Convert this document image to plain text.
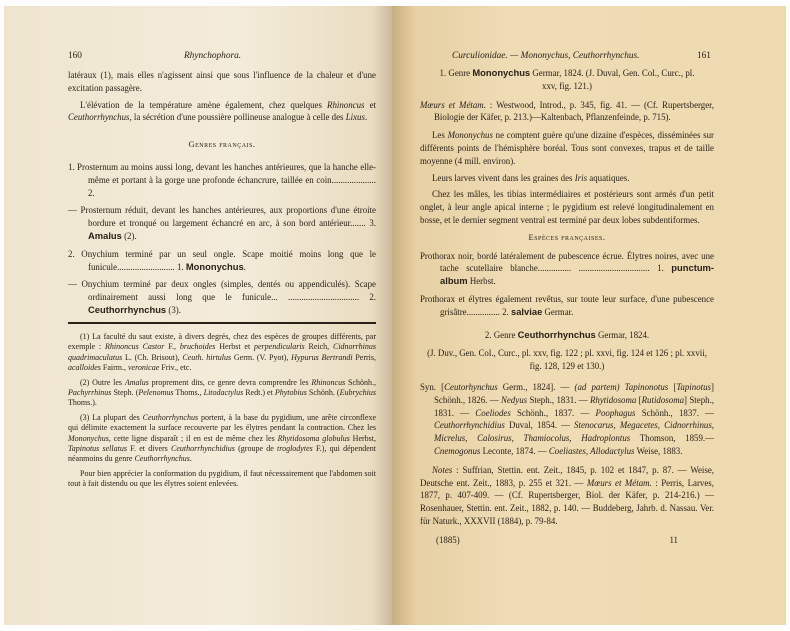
160	Rhynchophora.

latéraux (1), mais elles n'agissent ainsi que sous l'influence de la chaleur et d'une excitation passagère.

L'élévation de la température amène également, chez quelques Rhinoncus et Ceuthorrhynchus, la sécrétion d'une poussière pollineuse analogue à celle des Lixus.

Genres français.

1. Prosternum au moins aussi long, devant les hanches antérieures, que la hanche elle-même et portant à la gorge une profonde échancrure, taillée en coin.................... 2.

— Prosternum réduit, devant les hanches antérieures, aux proportions d'une étroite bordure et tronqué ou largement échancré en arc, à son bord antérieur....... 3. Amalus (2).

2. Onychium terminé par un seul ongle. Scape moitié moins long que le funicule.......................... 1. Mononychus.

— Onychium terminé par deux ongles (simples, dentés ou appendiculés). Scape ordinairement aussi long que le funicule... ................................ 2. Ceuthorrhynchus (3).

(1) La faculté du saut existe, à divers degrés, chez des espèces de groupes différents, par exemple : Rhinoncus Castor F., bruchoides Herbst et perpendicularis Reich, Cidnorrhinus quadrimaculatus L. (Ch. Brisout), Ceuth. hirtulus Germ. (V. Pyot), Hypurus Bertrandi Perris, acalloides Fairm., veronicae Friv., etc.

(2) Outre les Amalus proprement dits, ce genre devra comprendre les Rhinoncus Schönh., Pachyrrhinus Steph. (Pelenomus Thoms., Litodactylus Redt.) et Phytobius Schönh. (Eubrychius Thoms.).

(3) La plupart des Ceuthorrhynchus portent, à la base du pygidium, une arête circonflexe qui délimite exactement la surface recouverte par les élytres pendant la contraction. Chez les Mononychus, cette ligne disparaît ; il en est de même chez les Rhytidosoma globulus Herbst, Tapinotus sellatus F. et divers Ceuthorrhynchidius (groupe de troglodytes F.), qui dépendent néanmoins du genre Ceuthorrhynchus.

Pour bien apprécier la conformation du pygidium, il faut nécessairement que l'abdomen soit tout à fait distendu ou que les élytres soient enlevées.

Curculionidae. — Mononychus, Ceuthorrhynchus.	161

1. Genre Mononychus Germar, 1824. (J. Duval, Gen. Col., Curc., pl. xxv, fig. 121.)

Mœurs et Métam. : Westwood, Introd., p. 345, fig. 41. — (Cf. Rupertsberger, Biologie der Käfer, p. 213.)—Kaltenbach, Pflanzenfeinde, p. 715).

Les Mononychus ne comptent guère qu'une dizaine d'espèces, disséminées sur différents points de l'hémisphère boréal. Tous sont convexes, trapus et de taille moyenne (4 mill. environ).

Leurs larves vivent dans les graines des Iris aquatiques.

Chez les mâles, les tibias intermédiaires et postérieurs sont armés d'un petit onglet, à leur angle apical interne ; le pygidium est relevé longitudinalement en bosse, et le dernier segment ventral est terminé par deux lobes subdentiformes.

Espèces françaises.

Prothorax noir, bordé latéralement de pubescence écrue. Élytres noires, avec une tache scutellaire blanche............... ................................ 1. punctum-album Herbst.

Prothorax et élytres également revêtus, sur toute leur surface, d'une pubescence grisâtre............... 2. salviae Germar.

2. Genre Ceuthorrhynchus Germar, 1824.

(J. Duv., Gen. Col., Curc., pl. xxv, fig. 122 ; pl. xxvi, fig. 124 et 126 ; pl. xxvii, fig. 128, 129 et 130.)

Syn. [Ceutorhynchus Germ., 1824]. — (ad partem) Tapinonotus [Tapinotus] Schönh., 1826. — Nedyus Steph., 1831. — Rhytidosoma [Rutidosoma] Steph., 1831. — Coeliodes Schönh., 1837. — Poophagus Schönh., 1837. — Ceuthorrhynchidius Duval, 1854. — Stenocarus, Megacetes, Cidnorrhinus, Micrelus, Calosirus, Thamiocolus, Hadroplontus Thomson, 1859.—Cnemogonus Leconte, 1874. — Coeliastes, Allodactylus Weise, 1883.

Notes : Suffrian, Stettin. ent. Zeit., 1845, p. 102 et 1847, p. 87. — Weise, Deutsche ent. Zeit., 1883, p. 255 et 321. — Mœurs et Métam. : Perris, Larves, 1877, p. 407-409. — (Cf. Rupertsberger, Biol. der Käfer, p. 214-216.) — Rosenhauer, Stettin. ent. Zeit., 1882, p. 140. — Buddeberg, Jahrb. d. Nassau. Ver. für Naturk., XXXVII (1884), p. 79-84.

(1885)	11
